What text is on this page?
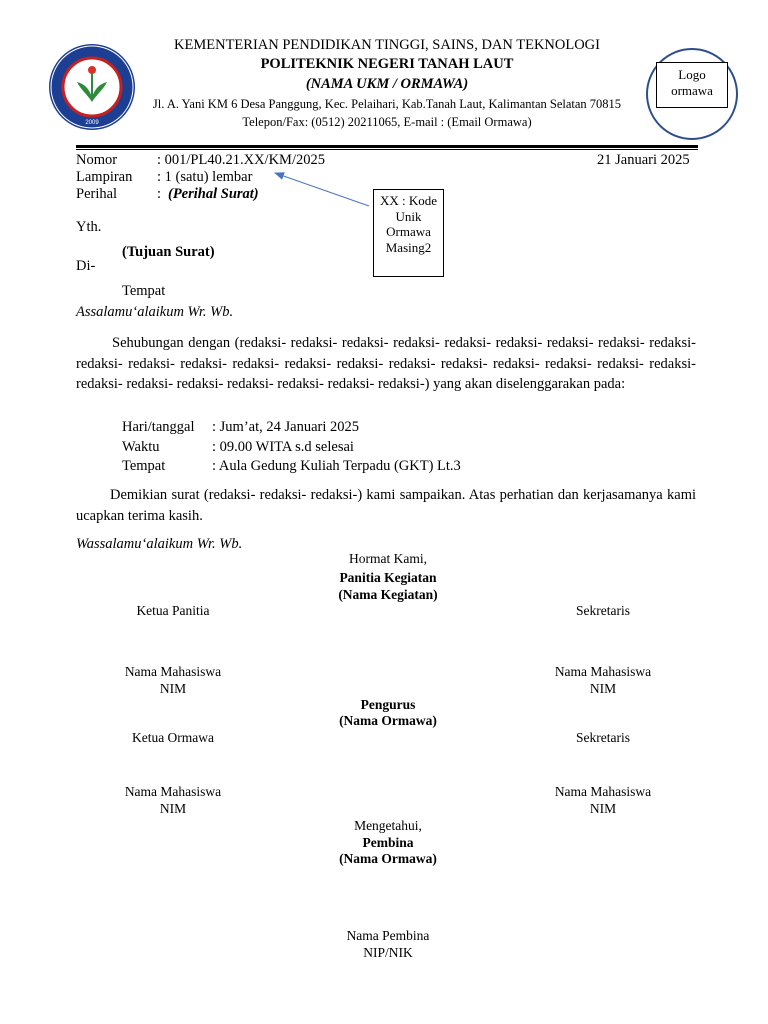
2009
KEMENTERIAN PENDIDIKAN TINGGI, SAINS, DAN TEKNOLOGI
POLITEKNIK NEGERI TANAH LAUT
(NAMA UKM / ORMAWA)
Jl. A. Yani KM 6 Desa Panggung, Kec. Pelaihari, Kab.Tanah Laut, Kalimantan Selatan 70815
Telepon/Fax: (0512) 20211065, E-mail : (Email Ormawa)
Logo ormawa
Nomor	: 001/PL40.21.XX/KM/2025	21 Januari 2025
Lampiran : 1 (satu) lembar
Perihal	: (Perihal Surat)	XX : Kode Unik Ormawa Masing2
Yth.
(Tujuan Surat)
Di-
Tempat
Assalamu‘alaikum Wr. Wb.
Sehubungan dengan (redaksi- redaksi- redaksi- redaksi- redaksi- redaksi- redaksi- redaksi- redaksi- redaksi- redaksi- redaksi- redaksi- redaksi- redaksi- redaksi- redaksi- redaksi- redaksi- redaksi- redaksi- redaksi- redaksi- redaksi- redaksi- redaksi- redaksi- redaksi-) yang akan diselenggarakan pada:
Hari/tanggal : Jum’at, 24 Januari 2025
Waktu	: 09.00 WITA s.d selesai
Tempat	: Aula Gedung Kuliah Terpadu (GKT) Lt.3
Demikian surat (redaksi- redaksi- redaksi-) kami sampaikan. Atas perhatian dan kerjasamanya kami ucapkan terima kasih.
Wassalamu‘alaikum Wr. Wb.
Hormat Kami,
Panitia Kegiatan
(Nama Kegiatan)
Ketua Panitia	Sekretaris
Nama Mahasiswa
NIM
Nama Mahasiswa
NIM
Pengurus
(Nama Ormawa)
Ketua Ormawa	Sekretaris
Nama Mahasiswa
NIM
Nama Mahasiswa
NIM
Mengetahui,
Pembina
(Nama Ormawa)
Nama Pembina
NIP/NIK
